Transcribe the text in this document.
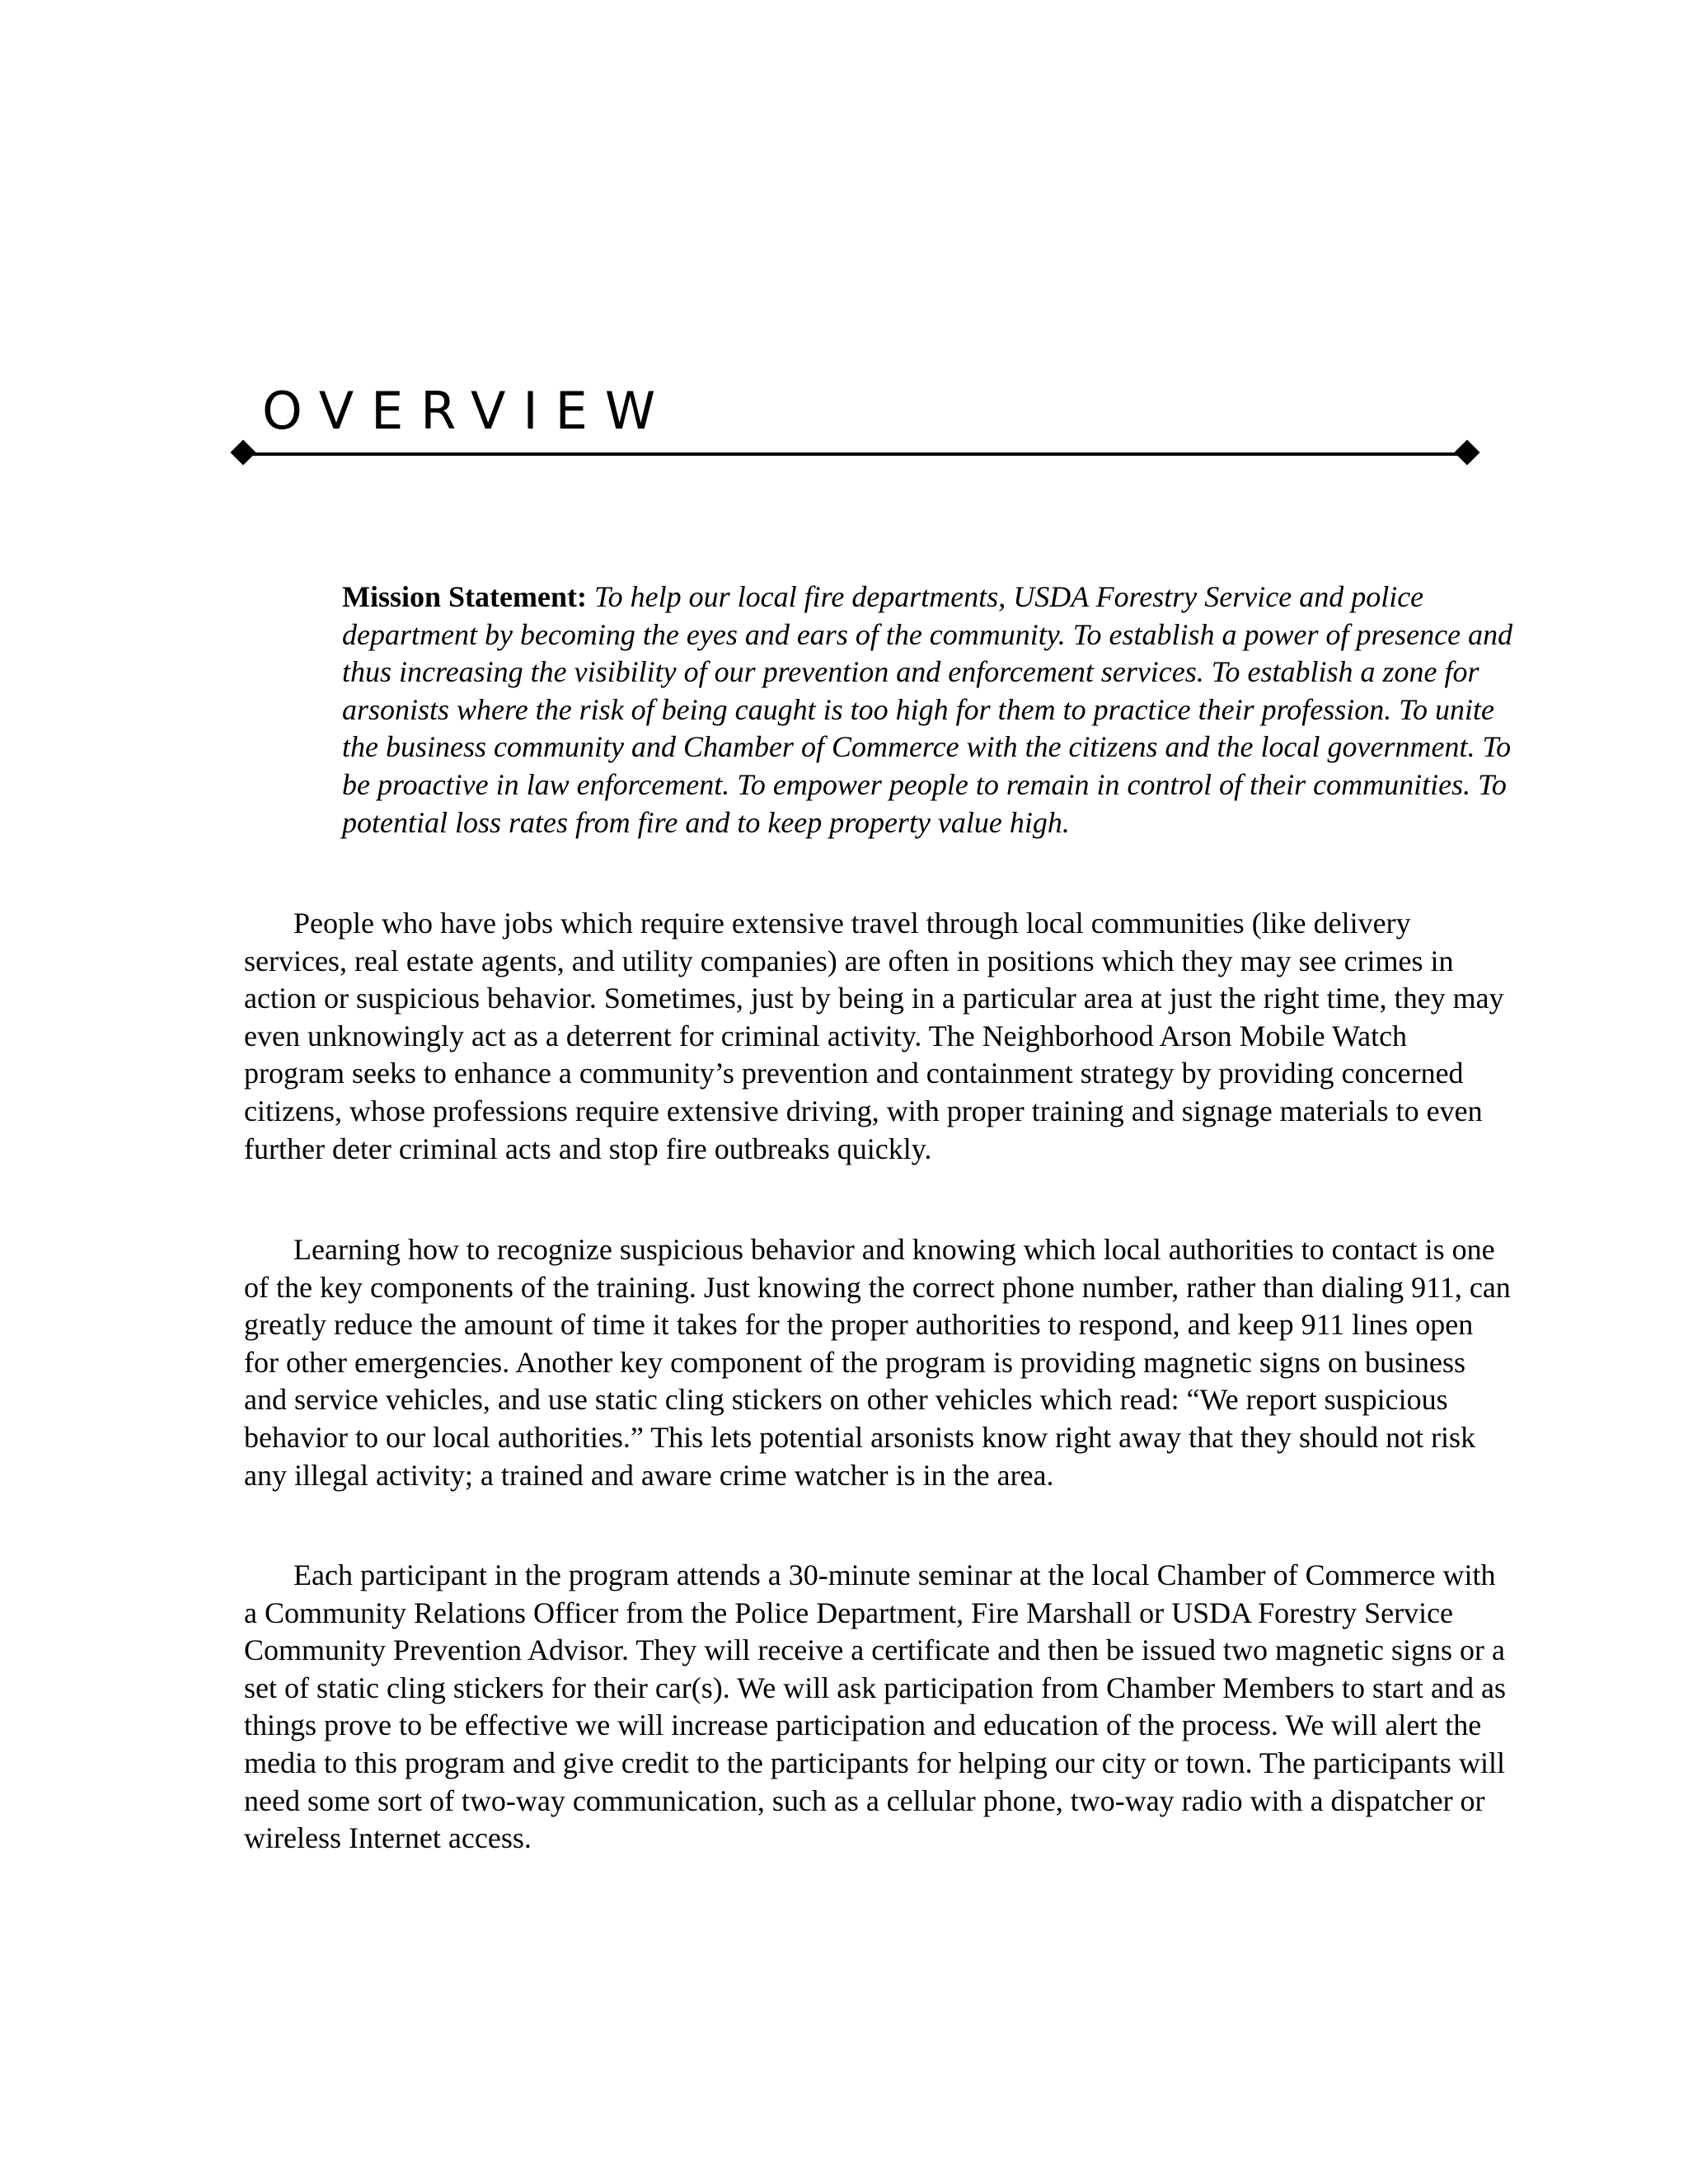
OVERVIEW

Mission Statement: To help our local fire departments, USDA Forestry Service and police department by becoming the eyes and ears of the community. To establish a power of presence and thus increasing the visibility of our prevention and enforcement services. To establish a zone for arsonists where the risk of being caught is too high for them to practice their profession. To unite the business community and Chamber of Commerce with the citizens and the local government. To be proactive in law enforcement. To empower people to remain in control of their communities. To potential loss rates from fire and to keep property value high.

People who have jobs which require extensive travel through local communities (like delivery services, real estate agents, and utility companies) are often in positions which they may see crimes in action or suspicious behavior. Sometimes, just by being in a particular area at just the right time, they may even unknowingly act as a deterrent for criminal activity. The Neighborhood Arson Mobile Watch program seeks to enhance a community’s prevention and containment strategy by providing concerned citizens, whose professions require extensive driving, with proper training and signage materials to even further deter criminal acts and stop fire outbreaks quickly.

Learning how to recognize suspicious behavior and knowing which local authorities to contact is one of the key components of the training. Just knowing the correct phone number, rather than dialing 911, can greatly reduce the amount of time it takes for the proper authorities to respond, and keep 911 lines open for other emergencies. Another key component of the program is providing magnetic signs on business and service vehicles, and use static cling stickers on other vehicles which read: “We report suspicious behavior to our local authorities.” This lets potential arsonists know right away that they should not risk any illegal activity; a trained and aware crime watcher is in the area.

Each participant in the program attends a 30-minute seminar at the local Chamber of Commerce with a Community Relations Officer from the Police Department, Fire Marshall or USDA Forestry Service Community Prevention Advisor. They will receive a certificate and then be issued two magnetic signs or a set of static cling stickers for their car(s). We will ask participation from Chamber Members to start and as things prove to be effective we will increase participation and education of the process. We will alert the media to this program and give credit to the participants for helping our city or town. The participants will need some sort of two-way communication, such as a cellular phone, two-way radio with a dispatcher or wireless Internet access.
